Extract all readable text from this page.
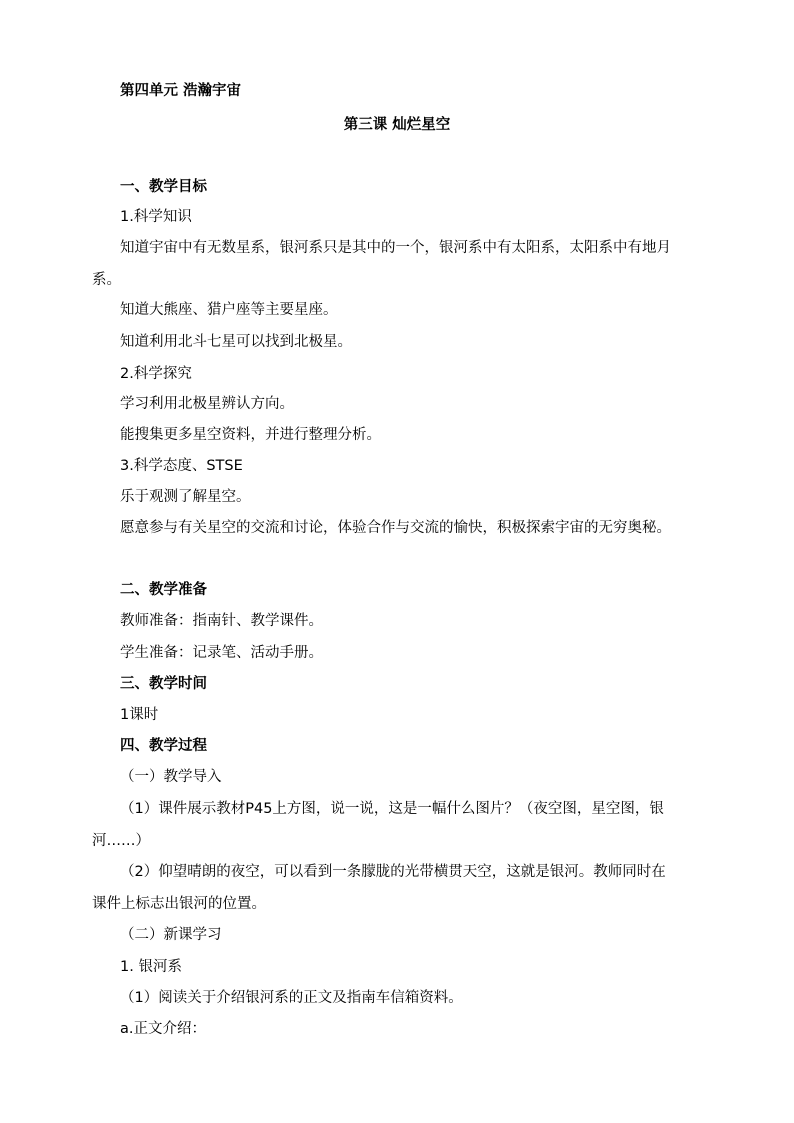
第四单元 浩瀚宇宙
第三课 灿烂星空
一、教学目标
1.科学知识
知道宇宙中有无数星系，银河系只是其中的一个，银河系中有太阳系，太阳系中有地月系。
知道大熊座、猎户座等主要星座。
知道利用北斗七星可以找到北极星。
2.科学探究
学习利用北极星辨认方向。
能搜集更多星空资料，并进行整理分析。
3.科学态度、STSE
乐于观测了解星空。
愿意参与有关星空的交流和讨论，体验合作与交流的愉快，积极探索宇宙的无穷奥秘。
二、教学准备
教师准备：指南针、教学课件。
学生准备：记录笔、活动手册。
三、教学时间
1课时
四、教学过程
（一）教学导入
（1）课件展示教材P45上方图，说一说，这是一幅什么图片？（夜空图，星空图，银河……）
（2）仰望晴朗的夜空，可以看到一条朦胧的光带横贯天空，这就是银河。教师同时在课件上标志出银河的位置。
（二）新课学习
1. 银河系
（1）阅读关于介绍银河系的正文及指南车信箱资料。
a.正文介绍：
